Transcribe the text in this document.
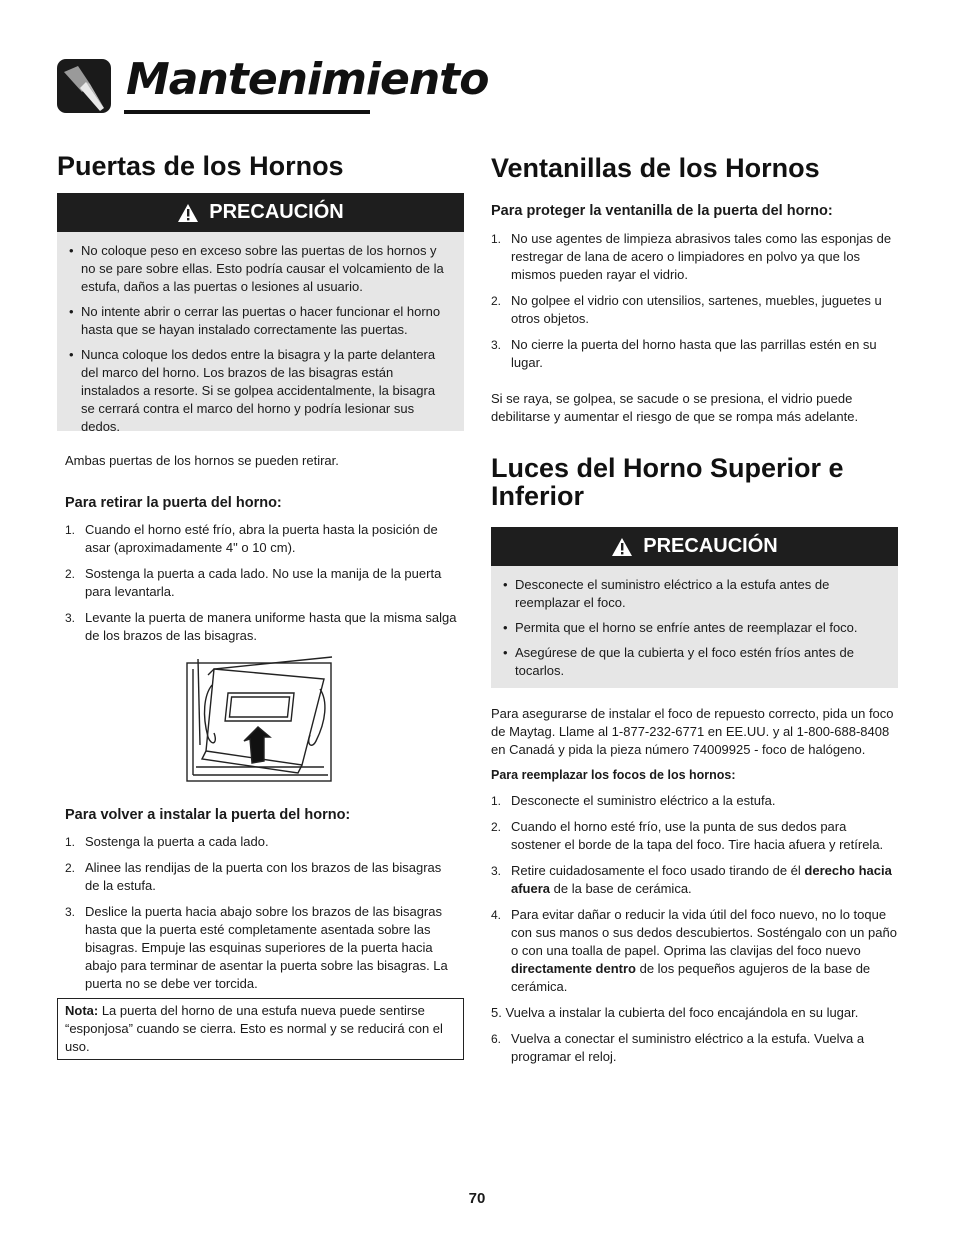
Mantenimiento
Puertas de los Hornos
PRECAUCIÓN
• No coloque peso en exceso sobre las puertas de los hornos y no se pare sobre ellas. Esto podría causar el volcamiento de la estufa, daños a las puertas o lesiones al usuario.
• No intente abrir o cerrar las puertas o hacer funcionar el horno hasta que se hayan instalado correctamente las puertas.
• Nunca coloque los dedos entre la bisagra y la parte delantera del marco del horno. Los brazos de las bisagras están instalados a resorte. Si se golpea accidentalmente, la bisagra se cerrará contra el marco del horno y podría lesionar sus dedos.

Ambas puertas de los hornos se pueden retirar.

Para retirar la puerta del horno:

1. Cuando el horno esté frío, abra la puerta hasta la posición de asar (aproximadamente 4" o 10 cm).
2. Sostenga la puerta a cada lado. No use la manija de la puerta para levantarla.
3. Levante la puerta de manera uniforme hasta que la misma salga de los brazos de las bisagras.

Para volver a instalar la puerta del horno:

1. Sostenga la puerta a cada lado.
2. Alinee las rendijas de la puerta con los brazos de las bisagras de la estufa.
3. Deslice la puerta hacia abajo sobre los brazos de las bisagras hasta que la puerta esté completamente asentada sobre las bisagras. Empuje las esquinas superiores de la puerta hacia abajo para terminar de asentar la puerta sobre las bisagras. La puerta no se debe ver torcida.
Nota: La puerta del horno de una estufa nueva puede sentirse “esponjosa” cuando se cierra. Esto es normal y se reducirá con el uso.
Ventanillas de los Hornos

Para proteger la ventanilla de la puerta del horno:

1. No use agentes de limpieza abrasivos tales como las esponjas de restregar de lana de acero o limpiadores en polvo ya que los mismos pueden rayar el vidrio.
2. No golpee el vidrio con utensilios, sartenes, muebles, juguetes u otros objetos.
3. No cierre la puerta del horno hasta que las parrillas estén en su lugar.

Si se raya, se golpea, se sacude o se presiona, el vidrio puede debilitarse y aumentar el riesgo de que se rompa más adelante.

Luces del Horno Superior e Inferior
PRECAUCIÓN
• Desconecte el suministro eléctrico a la estufa antes de reemplazar el foco.
• Permita que el horno se enfríe antes de reemplazar el foco.
• Asegúrese de que la cubierta y el foco estén fríos antes de tocarlos.

Para asegurarse de instalar el foco de repuesto correcto, pida un foco de Maytag. Llame al 1-877-232-6771 en EE.UU. y al 1-800-688-8408 en Canadá y pida la pieza número 74009925 - foco de halógeno.

Para reemplazar los focos de los hornos:

1. Desconecte el suministro eléctrico a la estufa.
2. Cuando el horno esté frío, use la punta de sus dedos para sostener el borde de la tapa del foco. Tire hacia afuera y retírela.
3. Retire cuidadosamente el foco usado tirando de él derecho hacia afuera de la base de cerámica.
4. Para evitar dañar o reducir la vida útil del foco nuevo, no lo toque con sus manos o sus dedos descubiertos. Sosténgalo con un paño o con una toalla de papel. Oprima las clavijas del foco nuevo directamente dentro de los pequeños agujeros de la base de cerámica.
5. Vuelva a instalar la cubierta del foco encajándola en su lugar.
6. Vuelva a conectar el suministro eléctrico a la estufa. Vuelva a programar el reloj.
70
